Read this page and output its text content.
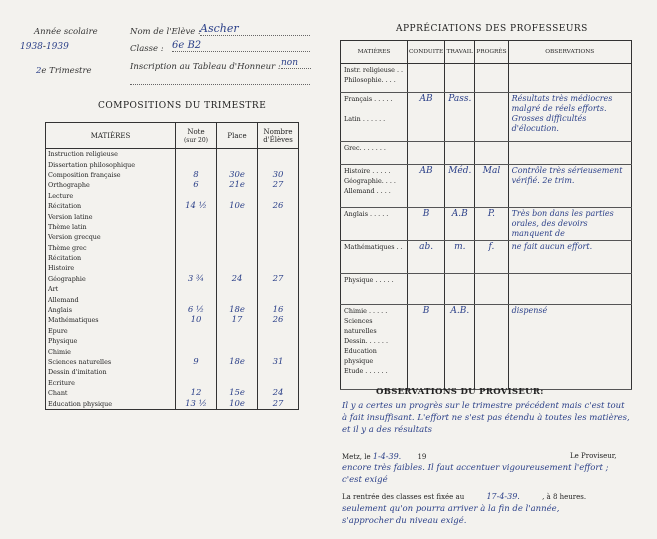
Année scolaire
1938-1939
2e Trimestre
Nom de l'Elève : Ascher
Classe : 6e B2
Inscription au Tableau d'Honneur : non
COMPOSITIONS DU TRIMESTRE
MATIÈRES	Note
(sur 20)	Place	Nombre d'Élèves
Instruction religieuse			
Dissertation philosophique			
Composition française	8	30e	30
Orthographe	6	21e	27
Lecture			
Récitation	14 ½	10e	26
Version latine			
Thème latin			
Version grecque			
Thème grec			
Récitation			
Histoire			
Géographie	3 ¾	24	27
Art			
Allemand			
Anglais	6 ½	18e	16
Mathématiques	10	17	26
Epure			
Physique			
Chimie			
Sciences naturelles	9	18e	31
Dessin d'imitation			
Ecriture			
Chant	12	15e	24
Education physique	13 ½	10e	27
APPRÉCIATIONS DES PROFESSEURS
MATIÈRES	CONDUITE	TRAVAIL	PROGRÈS	OBSERVATIONS
Instr. religieuse . .
Philosophie. . . .				
Français . . . . .

Latin . . . . . .	AB	Pass.		Résultats très médiocres malgré de réels efforts. Grosses difficultés d'élocution.
Grec. . . . . . .				
Histoire . . . . .
Géographie. . . .
Allemand . . . .	AB	Méd.	Mal	Contrôle très sérieusement vérifié. 2e trim.
Anglais . . . . .	B	A.B	P.	Très bon dans les parties orales, des devoirs manquent de
Mathématiques . .	ab.	m.	f.	ne fait aucun effort.
Physique . . . . .				
Chimie . . . . .
Sciences naturelles
Dessin. . . . . .
Education physique
Etude . . . . . .	B	A.B.		dispensé
OBSERVATIONS DU PROVISEUR:
Il y a certes un progrès sur le trimestre précédent mais c'est tout à fait insuffisant. L'effort ne s'est pas étendu à toutes les matières, et il y a des résultats
Metz, le 1-4-39. 19	Le Proviseur,
encore très faibles. Il faut accentuer vigoureusement l'effort ; c'est exigé
La rentrée des classes est fixée au	17-4-39.	, à 8 heures.
seulement qu'on pourra arriver à la fin de l'année, s'approcher du niveau exigé.
